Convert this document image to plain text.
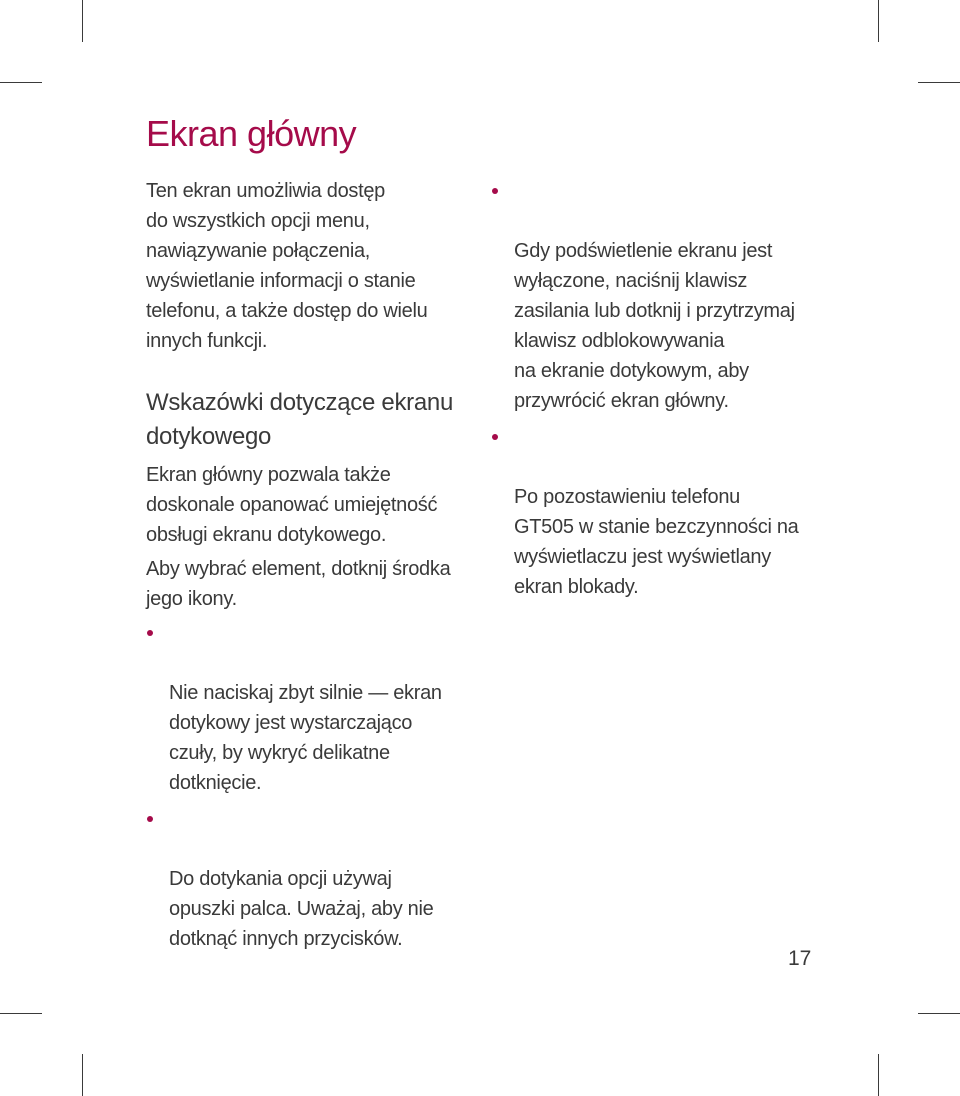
Ekran główny

Ten ekran umożliwia dostęp
do wszystkich opcji menu,
nawiązywanie połączenia,
wyświetlanie informacji o stanie
telefonu, a także dostęp do wielu
innych funkcji.

Wskazówki dotyczące ekranu
dotykowego

Ekran główny pozwala także
doskonale opanować umiejętność
obsługi ekranu dotykowego.

Aby wybrać element, dotknij środka
jego ikony.

Nie naciskaj zbyt silnie — ekran
dotykowy jest wystarczająco
czuły, by wykryć delikatne
dotknięcie.

Do dotykania opcji używaj
opuszki palca. Uważaj, aby nie
dotknąć innych przycisków.

Gdy podświetlenie ekranu jest
wyłączone, naciśnij klawisz
zasilania lub dotknij i przytrzymaj
klawisz odblokowywania
na ekranie dotykowym, aby
przywrócić ekran główny.

Po pozostawieniu telefonu
GT505 w stanie bezczynności na
wyświetlaczu jest wyświetlany
ekran blokady.

17
